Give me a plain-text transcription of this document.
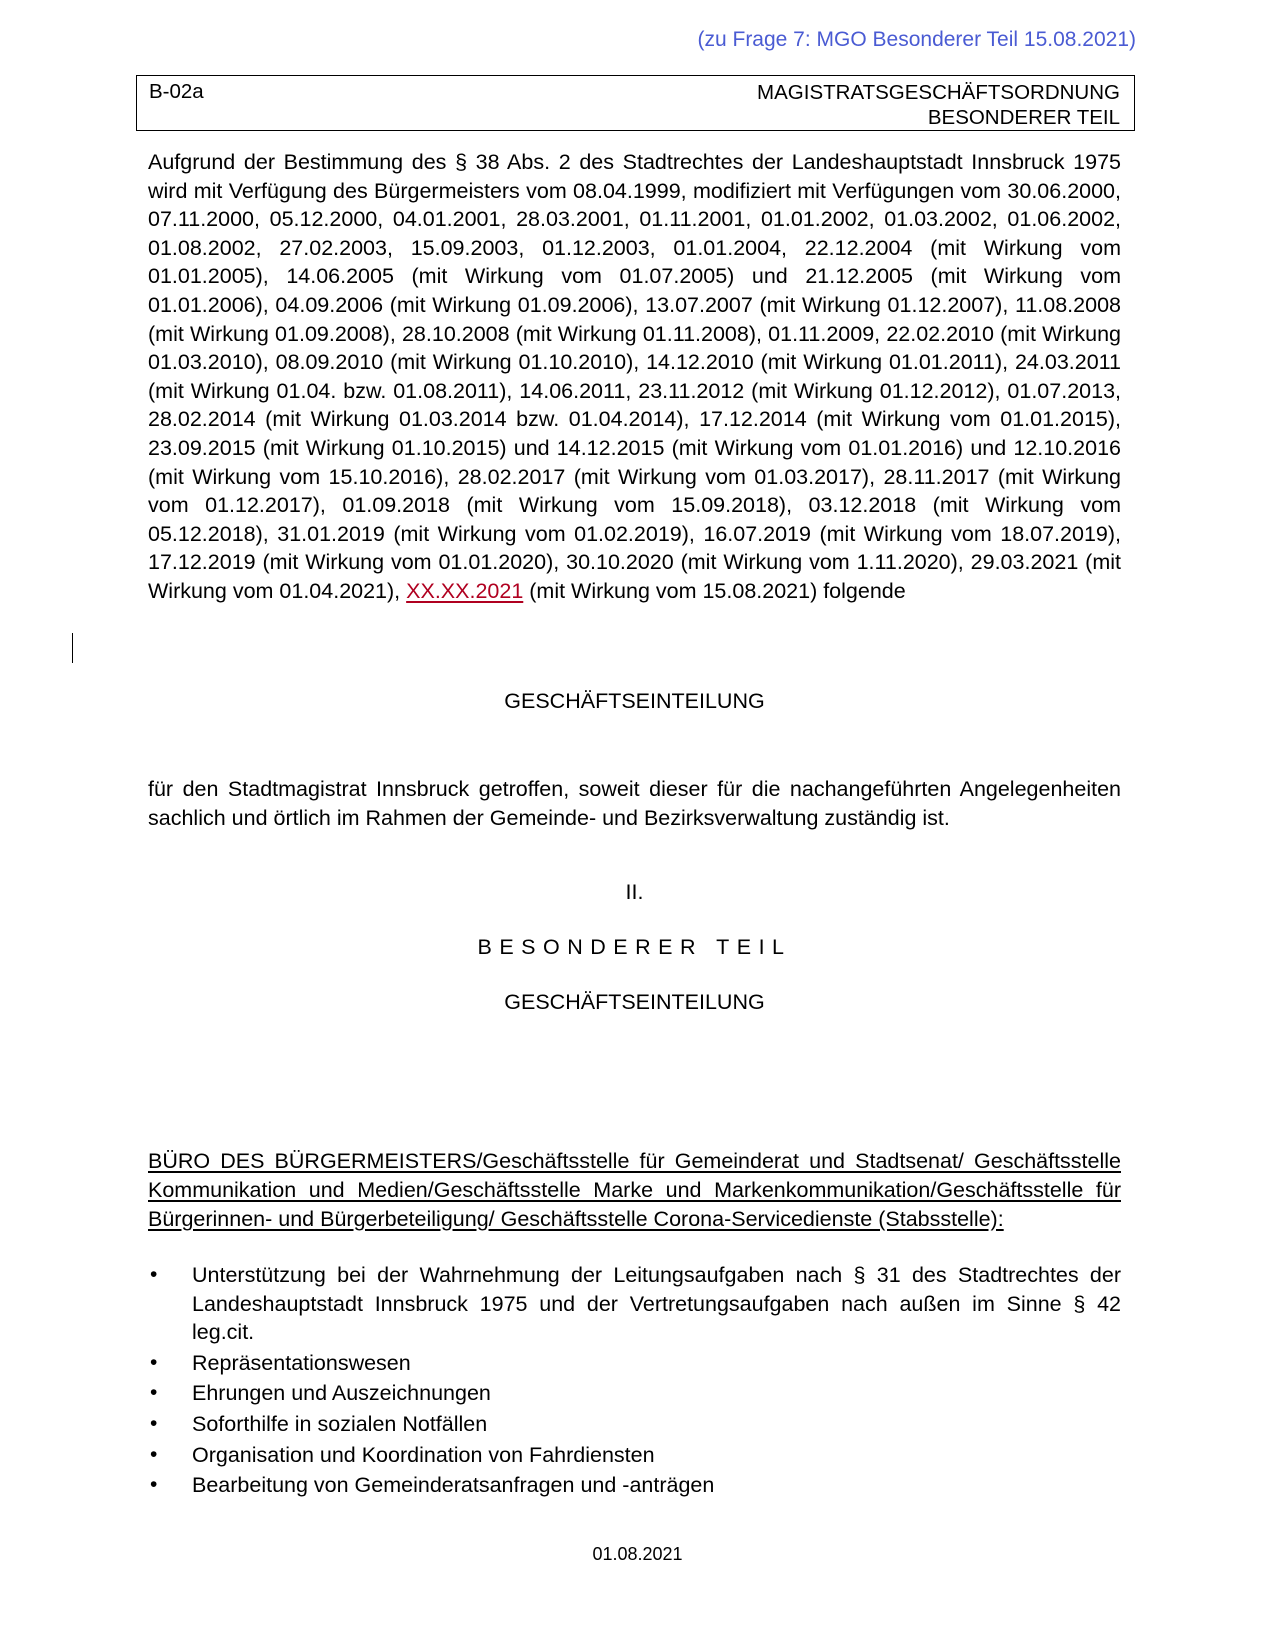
(zu Frage 7: MGO Besonderer Teil 15.08.2021)
B-02a	MAGISTRATSGESCHÄFTSORDNUNG
BESONDERER TEIL
Aufgrund der Bestimmung des § 38 Abs. 2 des Stadtrechtes der Landeshauptstadt Innsbruck 1975 wird mit Verfügung des Bürgermeisters vom 08.04.1999, modifiziert mit Verfügungen vom 30.06.2000, 07.11.2000, 05.12.2000, 04.01.2001, 28.03.2001, 01.11.2001, 01.01.2002, 01.03.2002, 01.06.2002, 01.08.2002, 27.02.2003, 15.09.2003, 01.12.2003, 01.01.2004, 22.12.2004 (mit Wirkung vom 01.01.2005), 14.06.2005 (mit Wirkung vom 01.07.2005) und 21.12.2005 (mit Wirkung vom 01.01.2006), 04.09.2006 (mit Wirkung 01.09.2006), 13.07.2007 (mit Wirkung 01.12.2007), 11.08.2008 (mit Wirkung 01.09.2008), 28.10.2008 (mit Wirkung 01.11.2008), 01.11.2009, 22.02.2010 (mit Wirkung 01.03.2010), 08.09.2010 (mit Wirkung 01.10.2010), 14.12.2010 (mit Wirkung 01.01.2011), 24.03.2011 (mit Wirkung 01.04. bzw. 01.08.2011), 14.06.2011, 23.11.2012 (mit Wirkung 01.12.2012), 01.07.2013, 28.02.2014 (mit Wirkung 01.03.2014 bzw. 01.04.2014), 17.12.2014 (mit Wirkung vom 01.01.2015), 23.09.2015 (mit Wirkung 01.10.2015) und 14.12.2015 (mit Wirkung vom 01.01.2016) und 12.10.2016 (mit Wirkung vom 15.10.2016), 28.02.2017 (mit Wirkung vom 01.03.2017), 28.11.2017 (mit Wirkung vom 01.12.2017), 01.09.2018 (mit Wirkung vom 15.09.2018), 03.12.2018 (mit Wirkung vom 05.12.2018), 31.01.2019 (mit Wirkung vom 01.02.2019), 16.07.2019 (mit Wirkung vom 18.07.2019), 17.12.2019 (mit Wirkung vom 01.01.2020), 30.10.2020 (mit Wirkung vom 1.11.2020), 29.03.2021 (mit Wirkung vom 01.04.2021), XX.XX.2021 (mit Wirkung vom 15.08.2021) folgende
GESCHÄFTSEINTEILUNG
für den Stadtmagistrat Innsbruck getroffen, soweit dieser für die nachangeführten Angelegenheiten sachlich und örtlich im Rahmen der Gemeinde- und Bezirksverwaltung zuständig ist.
II.
BESONDERER TEIL
GESCHÄFTSEINTEILUNG
BÜRO DES BÜRGERMEISTERS/Geschäftsstelle für Gemeinderat und Stadtsenat/ Geschäftsstelle Kommunikation und Medien/Geschäftsstelle Marke und Markenkommunikation/Geschäftsstelle für Bürgerinnen- und Bürgerbeteiligung/ Geschäftsstelle Corona-Servicedienste (Stabsstelle):
• Unterstützung bei der Wahrnehmung der Leitungsaufgaben nach § 31 des Stadtrechtes der Landeshauptstadt Innsbruck 1975 und der Vertretungsaufgaben nach außen im Sinne § 42 leg.cit.
• Repräsentationswesen
• Ehrungen und Auszeichnungen
• Soforthilfe in sozialen Notfällen
• Organisation und Koordination von Fahrdiensten
• Bearbeitung von Gemeinderatsanfragen und -anträgen
01.08.2021
